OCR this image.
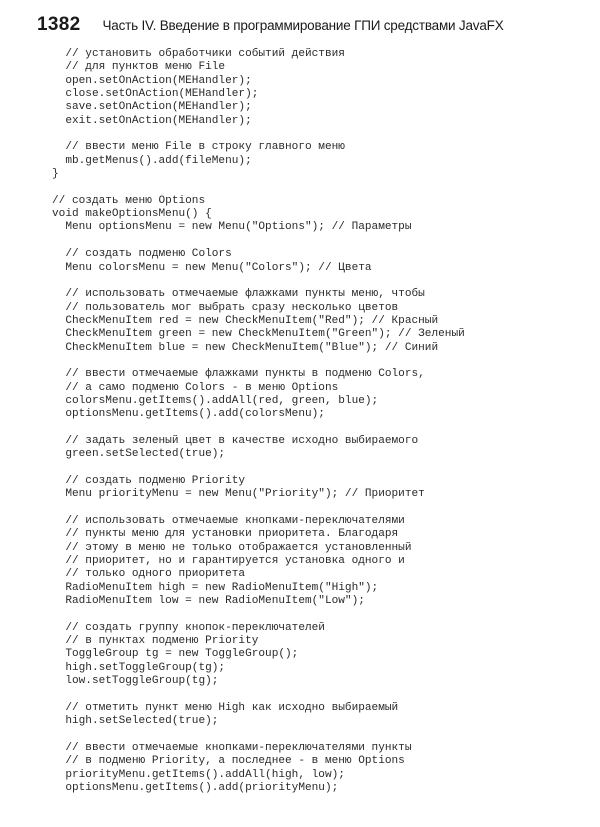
1382 Часть IV. Введение в программирование ГПИ средствами JavaFX
// установить обработчики событий действия
// для пунктов меню File
open.setOnAction(MEHandler);
close.setOnAction(MEHandler);
save.setOnAction(MEHandler);
exit.setOnAction(MEHandler);
// ввести меню File в строку главного меню
mb.getMenus().add(fileMenu);
}
// создать меню Options
void makeOptionsMenu() {
Menu optionsMenu = new Menu("Options"); // Параметры
// создать подменю Colors
Menu colorsMenu = new Menu("Colors"); // Цвета
// использовать отмечаемые флажками пункты меню, чтобы
// пользователь мог выбрать сразу несколько цветов
CheckMenuItem red = new CheckMenuItem("Red"); // Красный
CheckMenuItem green = new CheckMenuItem("Green"); // Зеленый
CheckMenuItem blue = new CheckMenuItem("Blue"); // Синий
// ввести отмечаемые флажками пункты в подменю Colors,
// а само подменю Colors - в меню Options
colorsMenu.getItems().addAll(red, green, blue);
optionsMenu.getItems().add(colorsMenu);
// задать зеленый цвет в качестве исходно выбираемого
green.setSelected(true);
// создать подменю Priority
Menu priorityMenu = new Menu("Priority"); // Приоритет
// использовать отмечаемые кнопками-переключателями
// пункты меню для установки приоритета. Благодаря
// этому в меню не только отображается установленный
// приоритет, но и гарантируется установка одного и
// только одного приоритета
RadioMenuItem high = new RadioMenuItem("High");
RadioMenuItem low = new RadioMenuItem("Low");
// создать группу кнопок-переключателей
// в пунктах подменю Priority
ToggleGroup tg = new ToggleGroup();
high.setToggleGroup(tg);
low.setToggleGroup(tg);
// отметить пункт меню High как исходно выбираемый
high.setSelected(true);
// ввести отмечаемые кнопками-переключателями пункты
// в подменю Priority, а последнее - в меню Options
priorityMenu.getItems().addAll(high, low);
optionsMenu.getItems().add(priorityMenu);
